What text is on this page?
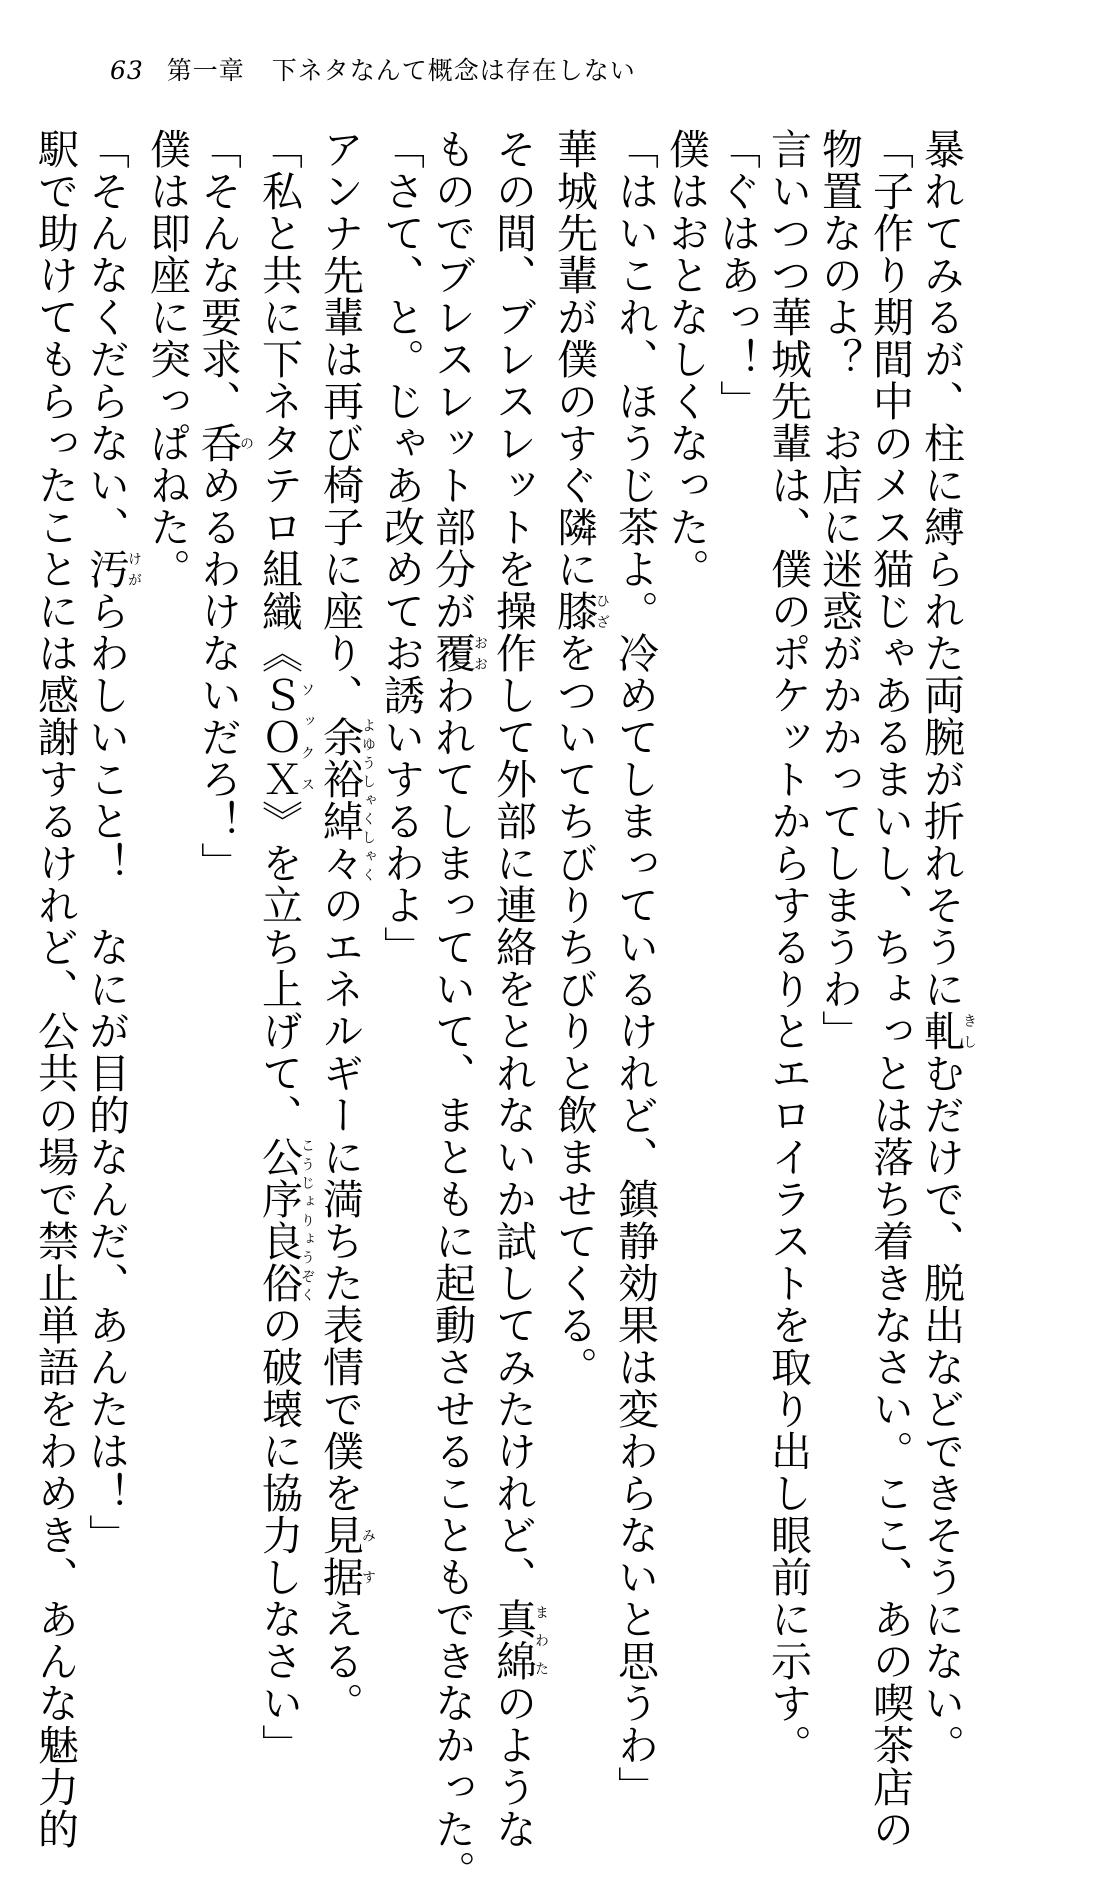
63 第一章 下ネタなんて概念は存在しない

暴れてみるが、柱に縛られた両腕が折れそうに軋きしむだけで、脱出などできそうにない。

「子作り期間中のメス猫じゃあるまいし、ちょっとは落ち着きなさい。ここ、あの喫茶店の

物置なのよ？　お店に迷惑がかかってしまうわ」

言いつつ華城先輩は、僕のポケットからするりとエロイラストを取り出し眼前に示す。

「ぐはあっ！」

僕はおとなしくなった。

「はいこれ、ほうじ茶よ。冷めてしまっているけれど、鎮静効果は変わらないと思うわ」

華城先輩が僕のすぐ隣に膝ひざをついてちびりちびりと飲ませてくる。

その間、ブレスレットを操作して外部に連絡をとれないか試してみたけれど、真綿まわたのような

ものでブレスレット部分が覆おおわれてしまっていて、まともに起動させることもできなかった。

「さて、と。じゃあ改めてお誘いするわよ」

アンナ先輩は再び椅子に座り、余裕綽々よゆうしゃくしゃくのエネルギーに満ちた表情で僕を見据みすえる。

「私と共に下ネタテロ組織《ＳＯＸソックス》を立ち上げて、公序良俗こうじょりょうぞくの破壊に協力しなさい」

「そんな要求、呑のめるわけないだろ！」

僕は即座に突っぱねた。

「そんなくだらない、汚けがらわしいこと！　なにが目的なんだ、あんたは！」

駅で助けてもらったことには感謝するけれど、公共の場で禁止単語をわめき、あんな魅力的
